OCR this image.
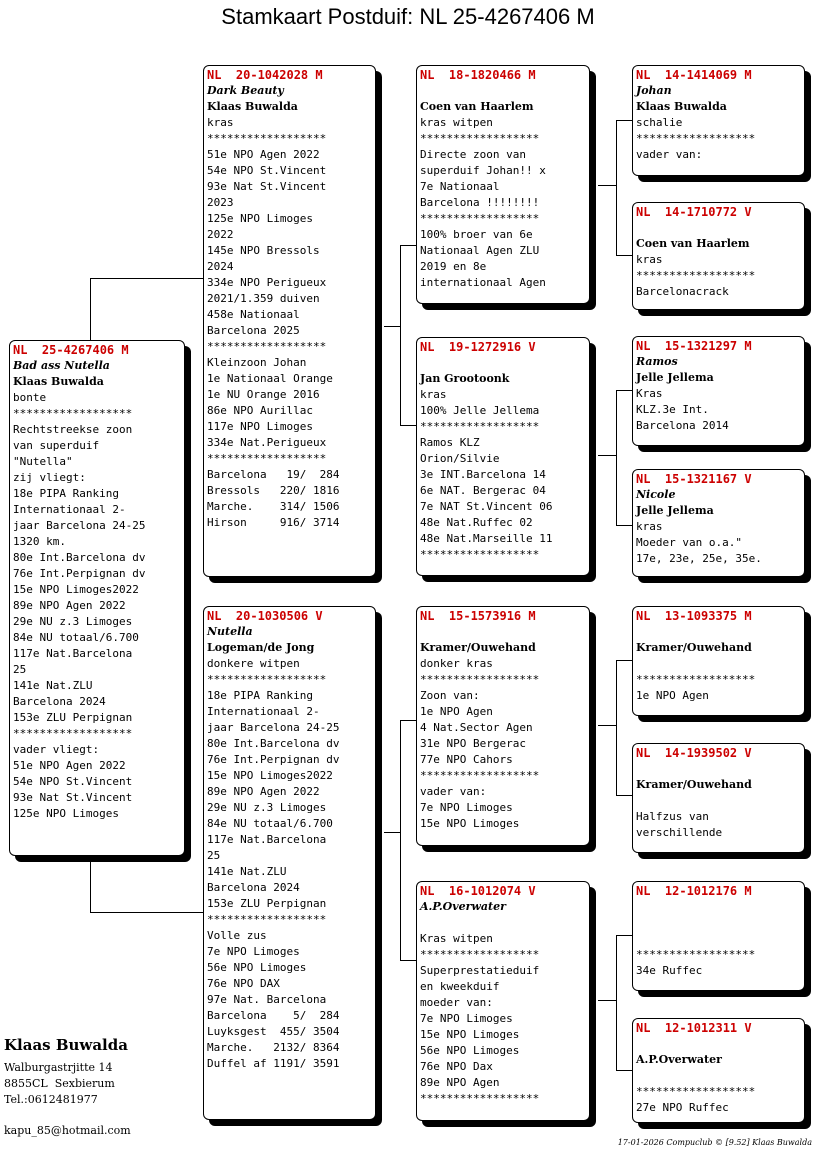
Stamkaart Postduif: NL 25-4267406 M
NL  25-4267406 M
Bad ass Nutella
Klaas Buwalda
bonte
******************
Rechtstreekse zoon
van superduif
"Nutella"
zij vliegt:
18e PIPA Ranking
Internationaal 2-
jaar Barcelona 24-25
1320 km.
80e Int.Barcelona dv
76e Int.Perpignan dv
15e NPO Limoges2022
89e NPO Agen 2022
29e NU z.3 Limoges
84e NU totaal/6.700
117e Nat.Barcelona
25
141e Nat.ZLU
Barcelona 2024
153e ZLU Perpignan
******************
vader vliegt:
51e NPO Agen 2022
54e NPO St.Vincent
93e Nat St.Vincent
125e NPO Limoges
NL  20-1042028 M
Dark Beauty
Klaas Buwalda
kras
******************
51e NPO Agen 2022
54e NPO St.Vincent
93e Nat St.Vincent
2023
125e NPO Limoges
2022
145e NPO Bressols
2024
334e NPO Perigueux
2021/1.359 duiven
458e Nationaal
Barcelona 2025
******************
Kleinzoon Johan
1e Nationaal Orange
1e NU Orange 2016
86e NPO Aurillac
117e NPO Limoges
334e Nat.Perigueux
******************
Barcelona   19/  284
Bressols   220/ 1816
Marche.    314/ 1506
Hirson     916/ 3714
NL  20-1030506 V
Nutella
Logeman/de Jong
donkere witpen
******************
18e PIPA Ranking
Internationaal 2-
jaar Barcelona 24-25
80e Int.Barcelona dv
76e Int.Perpignan dv
15e NPO Limoges2022
89e NPO Agen 2022
29e NU z.3 Limoges
84e NU totaal/6.700
117e Nat.Barcelona
25
141e Nat.ZLU
Barcelona 2024
153e ZLU Perpignan
******************
Volle zus
7e NPO Limoges
56e NPO Limoges
76e NPO DAX
97e Nat. Barcelona
Barcelona    5/  284
Luyksgest  455/ 3504
Marche.   2132/ 8364
Duffel af 1191/ 3591
NL  18-1820466 M
Coen van Haarlem
kras witpen
******************
Directe zoon van
superduif Johan!! x
7e Nationaal
Barcelona !!!!!!!!
******************
100% broer van 6e
Nationaal Agen ZLU
2019 en 8e
internationaal Agen
NL  19-1272916 V
Jan Grootoonk
kras
100% Jelle Jellema
******************
Ramos KLZ
Orion/Silvie
3e INT.Barcelona 14
6e NAT. Bergerac 04
7e NAT St.Vincent 06
48e Nat.Ruffec 02
48e Nat.Marseille 11
******************
NL  15-1573916 M
Kramer/Ouwehand
donker kras
******************
Zoon van:
1e NPO Agen
4 Nat.Sector Agen
31e NPO Bergerac
77e NPO Cahors
******************
vader van:
7e NPO Limoges
15e NPO Limoges
NL  16-1012074 V
A.P.Overwater
Kras witpen
******************
Superprestatieduif
en kweekduif
moeder van:
7e NPO Limoges
15e NPO Limoges
56e NPO Limoges
76e NPO Dax
89e NPO Agen
******************
NL  14-1414069 M
Johan
Klaas Buwalda
schalie
******************
vader van:
NL  14-1710772 V
Coen van Haarlem
kras
******************
Barcelonacrack
NL  15-1321297 M
Ramos
Jelle Jellema
Kras
KLZ.3e Int.
Barcelona 2014
NL  15-1321167 V
Nicole
Jelle Jellema
kras
Moeder van o.a."
17e, 23e, 25e, 35e.
NL  13-1093375 M
Kramer/Ouwehand
******************
1e NPO Agen
NL  14-1939502 V
Kramer/Ouwehand
Halfzus van
verschillende
NL  12-1012176 M
******************
34e Ruffec
NL  12-1012311 V
A.P.Overwater
******************
27e NPO Ruffec
Klaas Buwalda
Walburgastrjitte 14
8855CL  Sexbierum
Tel.:0612481977
kapu_85@hotmail.com
17-01-2026 Compuclub © [9.52] Klaas Buwalda
